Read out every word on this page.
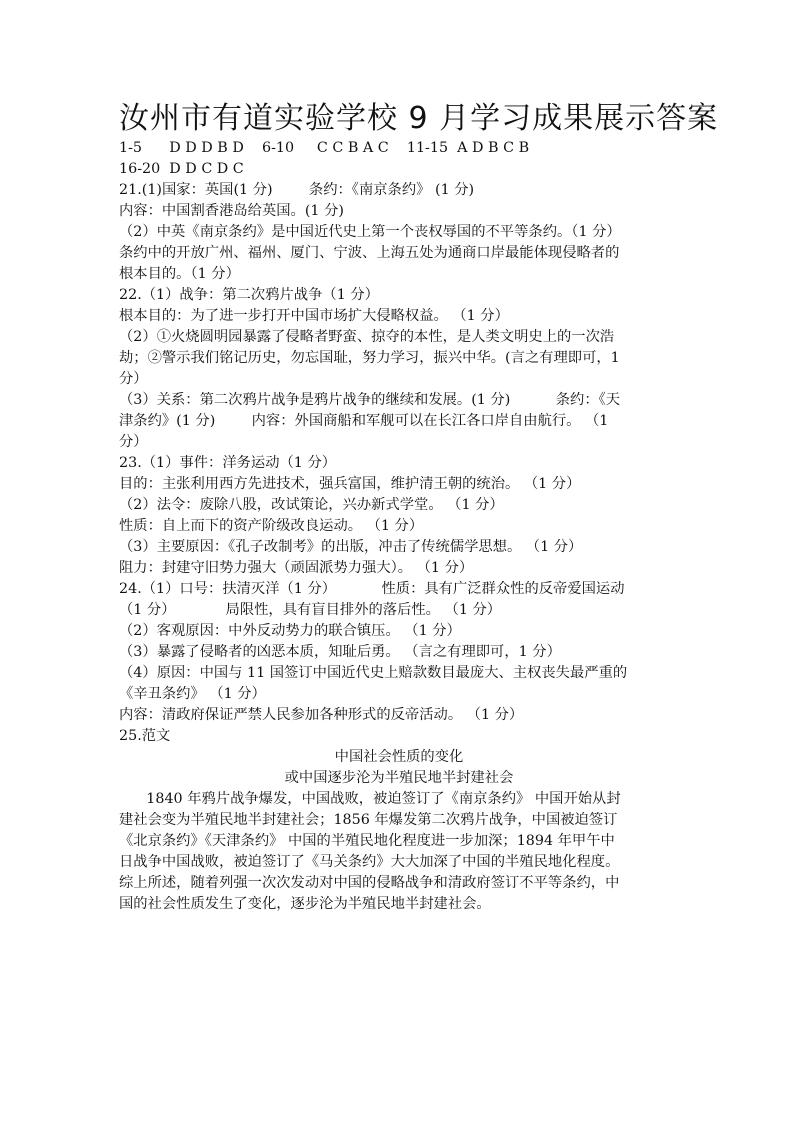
汝州市有道实验学校 9 月学习成果展示答案
1-5      D D D B D    6-10     C C B A C    11-15  A D B C B
16-20  D D C D C
21.(1)国家：英国(1 分)        条约：《南京条约》 (1 分)
内容：中国割香港岛给英国。(1 分)
（2）中英《南京条约》是中国近代史上第一个丧权辱国的不平等条约。（1 分）
条约中的开放广州、福州、厦门、宁波、上海五处为通商口岸最能体现侵略者的
根本目的。（1 分）
22.（1）战争：第二次鸦片战争（1 分）
根本目的：为了进一步打开中国市场扩大侵略权益。 （1 分）
（2）①火烧圆明园暴露了侵略者野蛮、掠夺的本性，是人类文明史上的一次浩
劫；②警示我们铭记历史，勿忘国耻，努力学习，振兴中华。(言之有理即可，1
分）
（3）关系：第二次鸦片战争是鸦片战争的继续和发展。(1 分)          条约：《天
津条约》(1 分)        内容：外国商船和军舰可以在长江各口岸自由航行。 （1
分）
23.（1）事件：洋务运动（1 分）
目的：主张利用西方先进技术，强兵富国，维护清王朝的统治。 （1 分）
（2）法令：废除八股，改试策论，兴办新式学堂。 （1 分）
性质：自上而下的资产阶级改良运动。 （1 分）
（3）主要原因：《孔子改制考》的出版，冲击了传统儒学思想。 （1 分）
阻力：封建守旧势力强大（顽固派势力强大）。 （1 分）
24.（1）口号：扶清灭洋（1 分）          性质：具有广泛群众性的反帝爱国运动
（1 分）           局限性，具有盲目排外的落后性。 （1 分）
（2）客观原因：中外反动势力的联合镇压。 （1 分）
（3）暴露了侵略者的凶恶本质，知耻后勇。 （言之有理即可，1 分）
（4）原因：中国与 11 国签订中国近代史上赔款数目最庞大、主权丧失最严重的
《辛丑条约》 （1 分）
内容：清政府保证严禁人民参加各种形式的反帝活动。 （1 分）
25.范文
中国社会性质的变化
或中国逐步沦为半殖民地半封建社会
1840 年鸦片战争爆发，中国战败，被迫签订了《南京条约》 中国开始从封
建社会变为半殖民地半封建社会；1856 年爆发第二次鸦片战争，中国被迫签订
《北京条约》《天津条约》 中国的半殖民地化程度进一步加深；1894 年甲午中
日战争中国战败，被迫签订了《马关条约》大大加深了中国的半殖民地化程度。
综上所述，随着列强一次次发动对中国的侵略战争和清政府签订不平等条约，中
国的社会性质发生了变化，逐步沦为半殖民地半封建社会。
